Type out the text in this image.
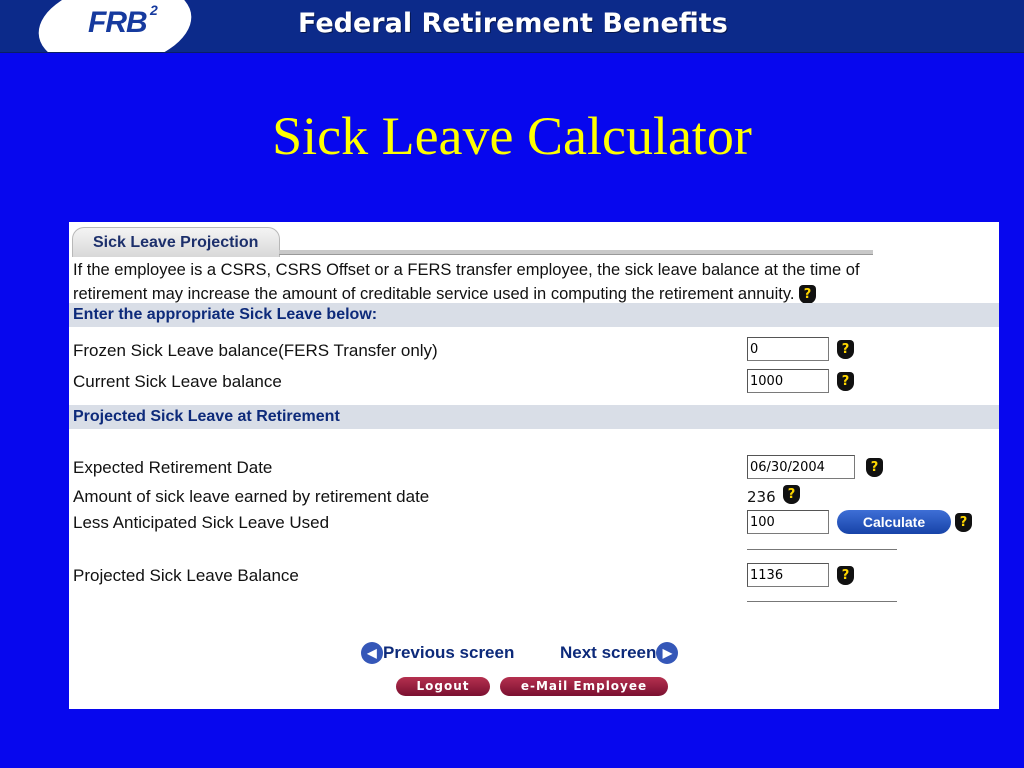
FRB 2	Federal Retirement Benefits
Sick Leave Calculator
Sick Leave Projection
If the employee is a CSRS, CSRS Offset or a FERS transfer employee, the sick leave balance at the time of
retirement may increase the amount of creditable service used in computing the retirement annuity. ?
Enter the appropriate Sick Leave below:
Frozen Sick Leave balance(FERS Transfer only)
0	?
Current Sick Leave balance
1000	?
Projected Sick Leave at Retirement
Expected Retirement Date
06/30/2004	?
Amount of sick leave earned by retirement date	236 ?
Less Anticipated Sick Leave Used
100	Calculate	?
Projected Sick Leave Balance
1136	?
◀ Previous screen	Next screen ▶
Logout	e-Mail Employee
